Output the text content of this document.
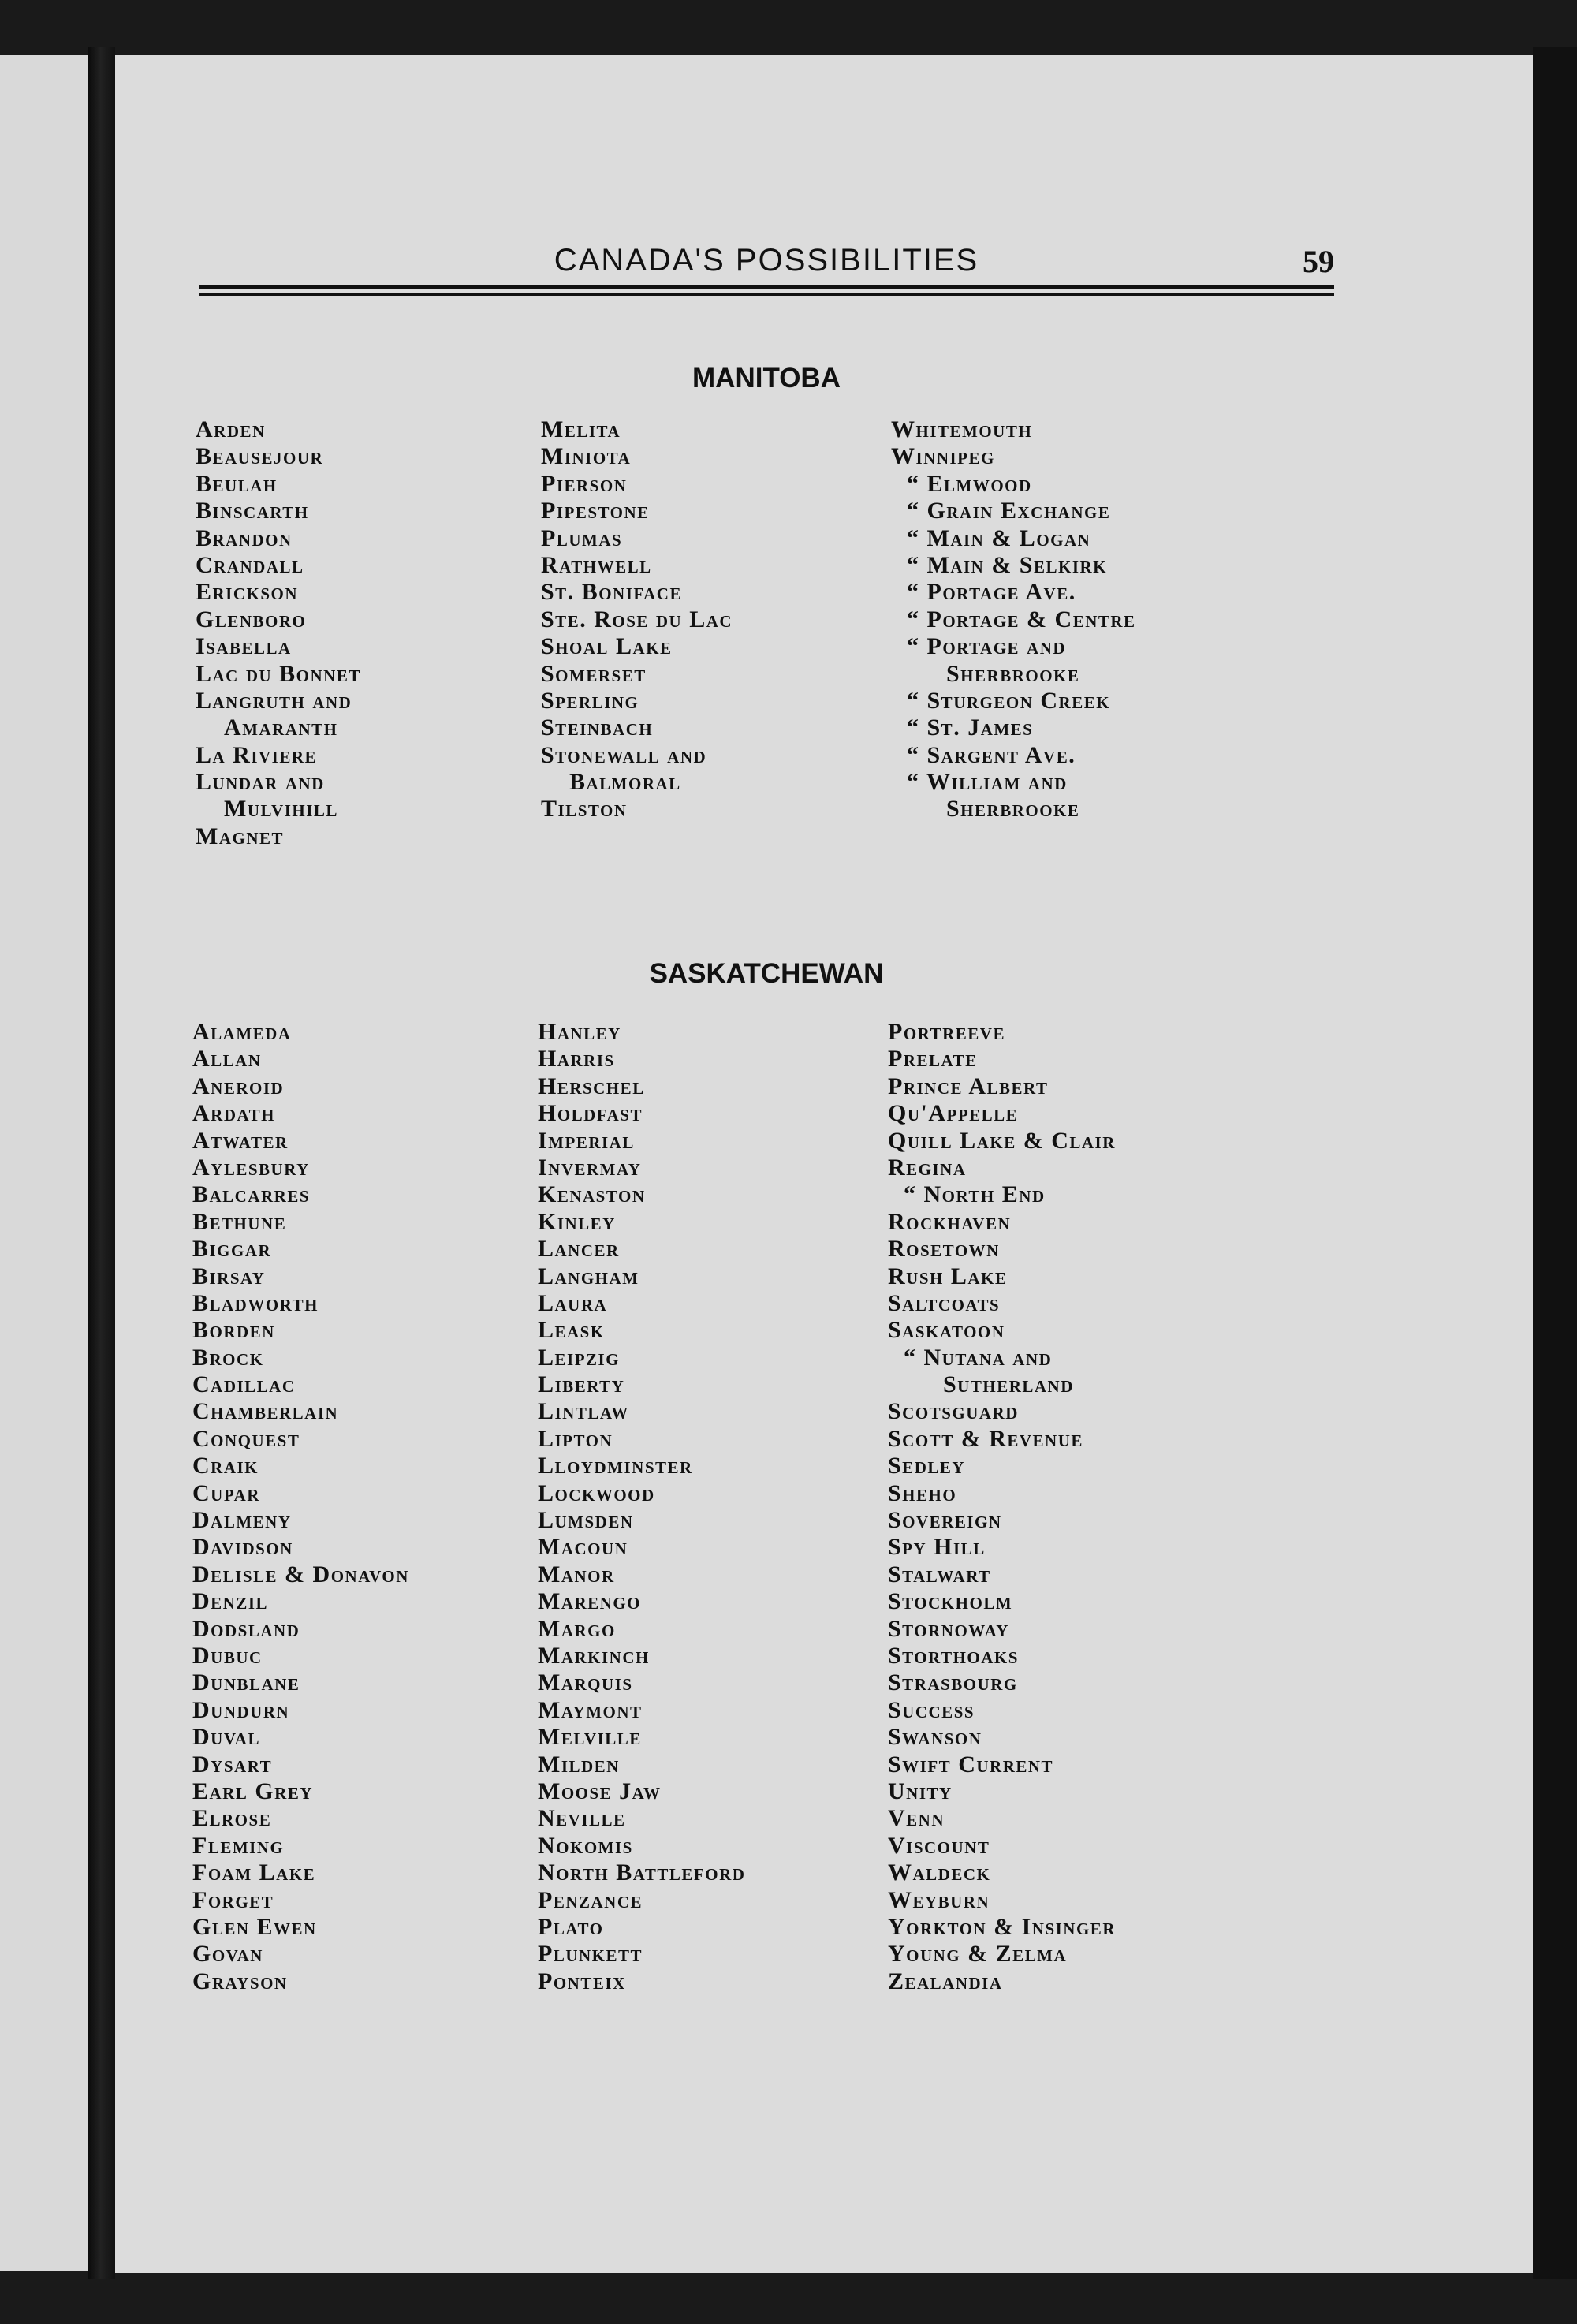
CANADA'S POSSIBILITIES	59
MANITOBA
Arden
Beausejour
Beulah
Binscarth
Brandon
Crandall
Erickson
Glenboro
Isabella
Lac du Bonnet
Langruth and
Amaranth
La Riviere
Lundar and
Mulvihill
Magnet
Melita
Miniota
Pierson
Pipestone
Plumas
Rathwell
St. Boniface
Ste. Rose du Lac
Shoal Lake
Somerset
Sperling
Steinbach
Stonewall and
Balmoral
Tilston
Whitemouth
Winnipeg
“ Elmwood
“ Grain Exchange
“ Main & Logan
“ Main & Selkirk
“ Portage Ave.
“ Portage & Centre
“ Portage and
Sherbrooke
“ Sturgeon Creek
“ St. James
“ Sargent Ave.
“ William and
Sherbrooke
SASKATCHEWAN
Alameda
Allan
Aneroid
Ardath
Atwater
Aylesbury
Balcarres
Bethune
Biggar
Birsay
Bladworth
Borden
Brock
Cadillac
Chamberlain
Conquest
Craik
Cupar
Dalmeny
Davidson
Delisle & Donavon
Denzil
Dodsland
Dubuc
Dunblane
Dundurn
Duval
Dysart
Earl Grey
Elrose
Fleming
Foam Lake
Forget
Glen Ewen
Govan
Grayson
Hanley
Harris
Herschel
Holdfast
Imperial
Invermay
Kenaston
Kinley
Lancer
Langham
Laura
Leask
Leipzig
Liberty
Lintlaw
Lipton
Lloydminster
Lockwood
Lumsden
Macoun
Manor
Marengo
Margo
Markinch
Marquis
Maymont
Melville
Milden
Moose Jaw
Neville
Nokomis
North Battleford
Penzance
Plato
Plunkett
Ponteix
Portreeve
Prelate
Prince Albert
Qu'Appelle
Quill Lake & Clair
Regina
“ North End
Rockhaven
Rosetown
Rush Lake
Saltcoats
Saskatoon
“ Nutana and
Sutherland
Scotsguard
Scott & Revenue
Sedley
Sheho
Sovereign
Spy Hill
Stalwart
Stockholm
Stornoway
Storthoaks
Strasbourg
Success
Swanson
Swift Current
Unity
Venn
Viscount
Waldeck
Weyburn
Yorkton & Insinger
Young & Zelma
Zealandia
